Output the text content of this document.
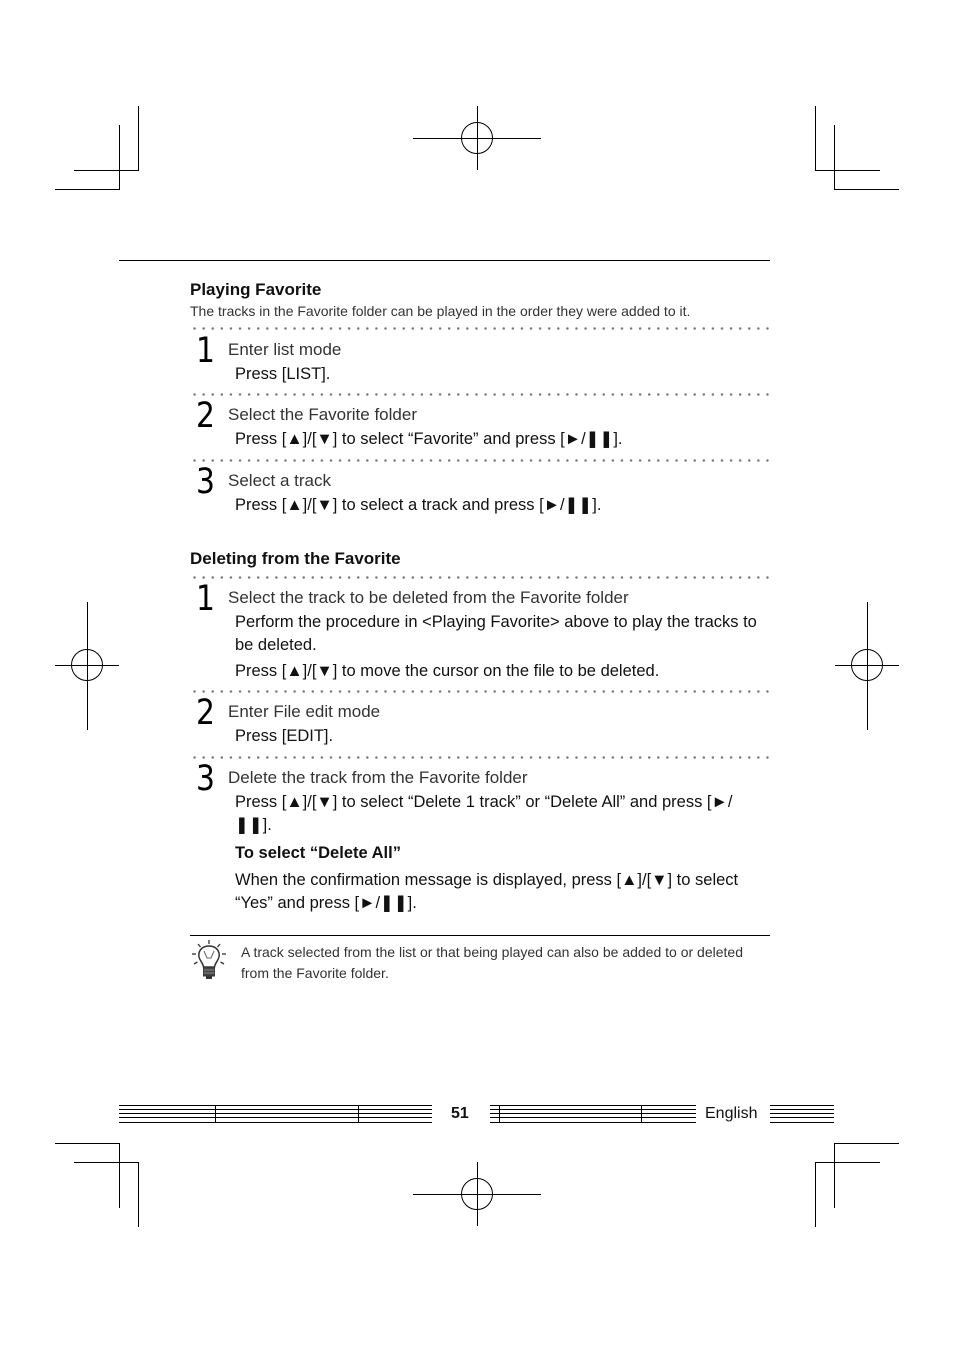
Playing Favorite
The tracks in the Favorite folder can be played in the order they were added to it.
1 Enter list mode
Press [LIST].
2 Select the Favorite folder
Press [▲]/[▼] to select “Favorite” and press [►/❚❚].
3 Select a track
Press [▲]/[▼] to select a track and press [►/❚❚].
Deleting from the Favorite
1 Select the track to be deleted from the Favorite folder
Perform the procedure in <Playing Favorite> above to play the tracks to be deleted.
Press [▲]/[▼] to move the cursor on the file to be deleted.
2 Enter File edit mode
Press [EDIT].
3 Delete the track from the Favorite folder
Press [▲]/[▼] to select “Delete 1 track” or “Delete All” and press [►/❚❚].
To select “Delete All”
When the confirmation message is displayed, press [▲]/[▼] to select “Yes” and press [►/❚❚].
A track selected from the list or that being played can also be added to or deleted from the Favorite folder.
51	English
